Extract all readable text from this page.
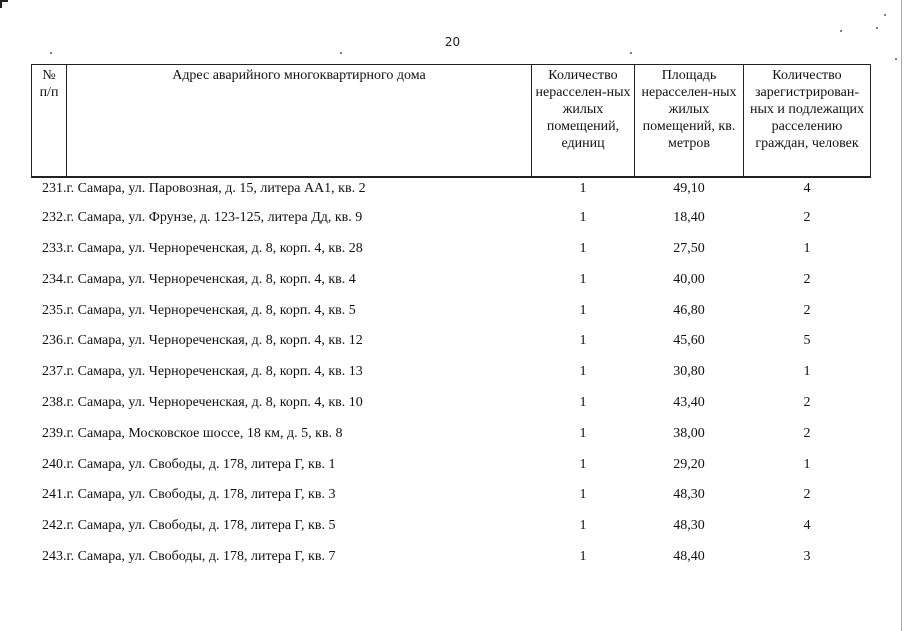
20
№ п/п	Адрес аварийного многоквартирного дома	Количество нерасселен-ных жилых помещений, единиц	Площадь нерасселен-ных жилых помещений, кв. метров	Количество зарегистрирован-ных и подлежащих расселению граждан, человек
231.	г. Самара, ул. Паровозная, д. 15, литера АА1, кв. 2	1	49,10	4
232.	г. Самара, ул. Фрунзе, д. 123-125, литера Дд, кв. 9	1	18,40	2
233.	г. Самара, ул. Чернореченская, д. 8, корп. 4, кв. 28	1	27,50	1
234.	г. Самара, ул. Чернореченская, д. 8, корп. 4, кв. 4	1	40,00	2
235.	г. Самара, ул. Чернореченская, д. 8, корп. 4, кв. 5	1	46,80	2
236.	г. Самара, ул. Чернореченская, д. 8, корп. 4, кв. 12	1	45,60	5
237.	г. Самара, ул. Чернореченская, д. 8, корп. 4, кв. 13	1	30,80	1
238.	г. Самара, ул. Чернореченская, д. 8, корп. 4, кв. 10	1	43,40	2
239.	г. Самара, Московское шоссе, 18 км, д. 5, кв. 8	1	38,00	2
240.	г. Самара, ул. Свободы, д. 178, литера Г, кв. 1	1	29,20	1
241.	г. Самара, ул. Свободы, д. 178, литера Г, кв. 3	1	48,30	2
242.	г. Самара, ул. Свободы, д. 178, литера Г, кв. 5	1	48,30	4
243.	г. Самара, ул. Свободы, д. 178, литера Г, кв. 7	1	48,40	3
